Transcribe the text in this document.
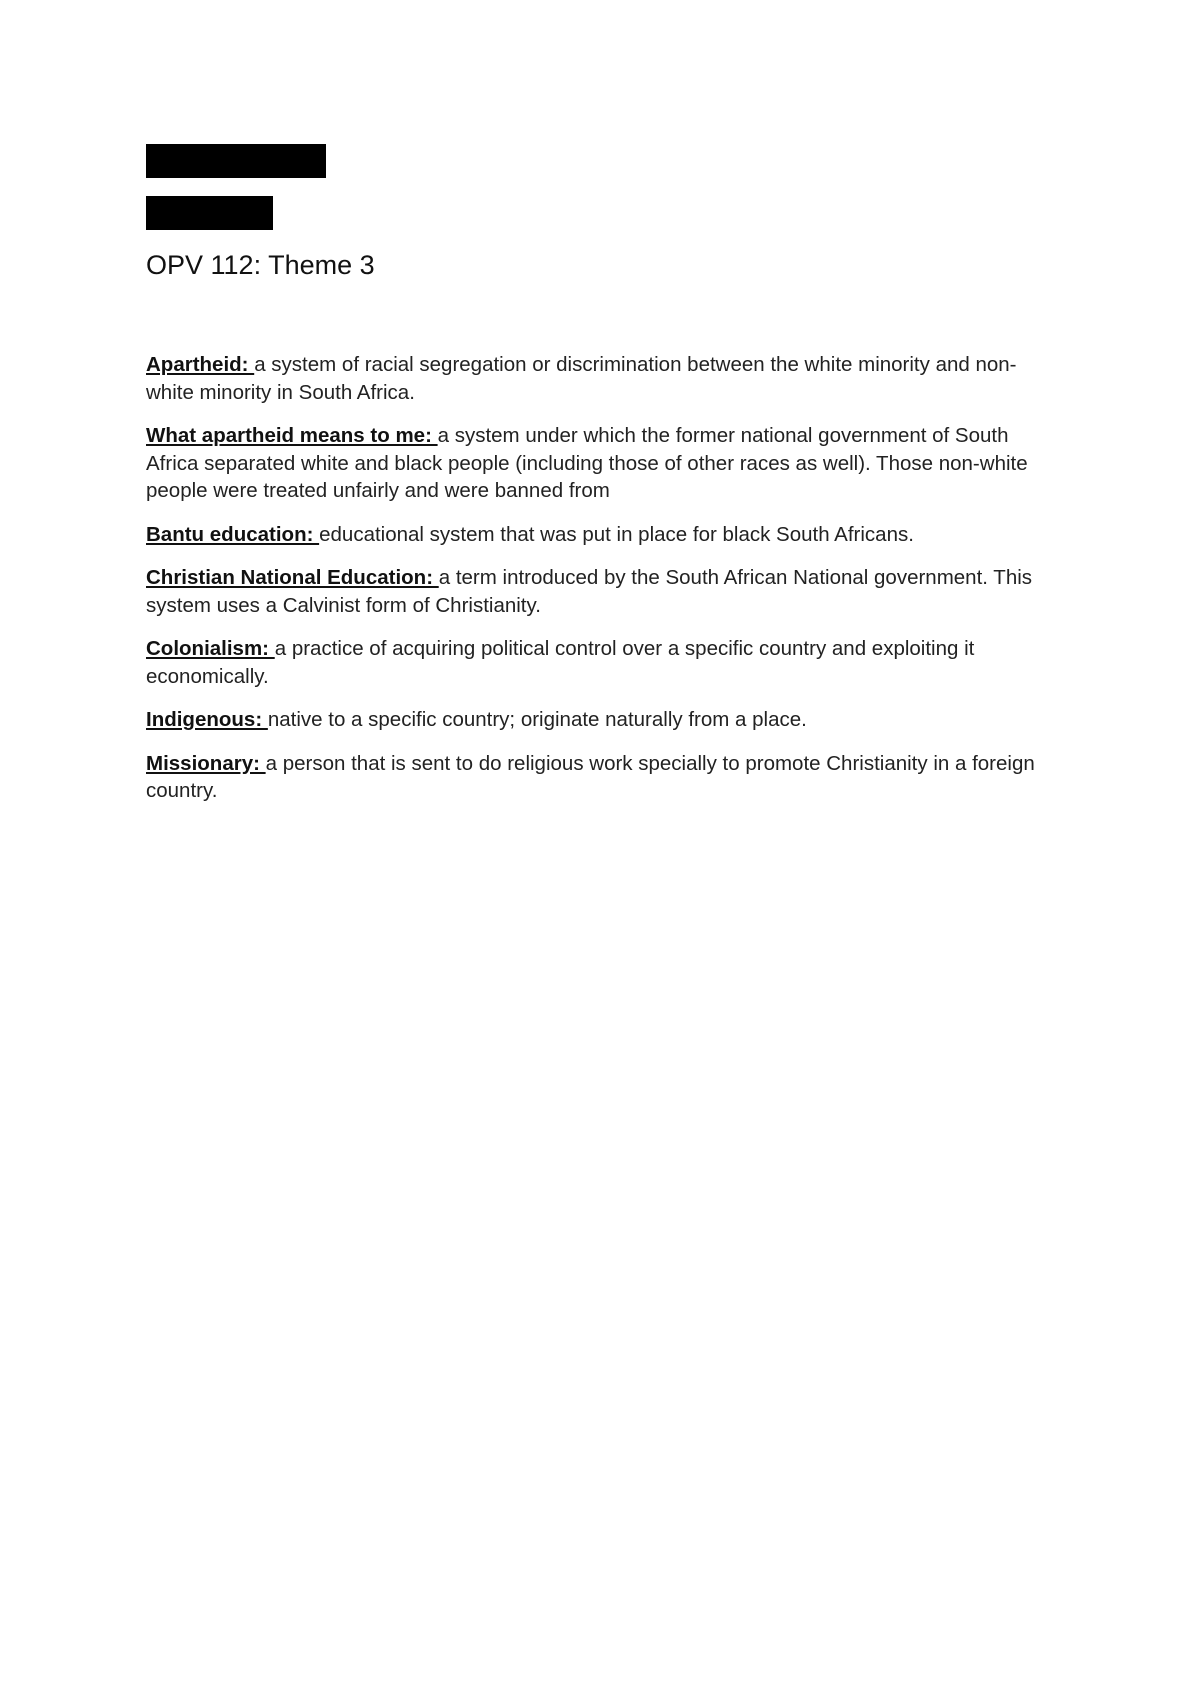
OPV 112: Theme 3

Apartheid: a system of racial segregation or discrimination between the white minority and non-white minority in South Africa.

What apartheid means to me: a system under which the former national government of South Africa separated white and black people (including those of other races as well). Those non-white people were treated unfairly and were banned from

Bantu education: educational system that was put in place for black South Africans.

Christian National Education: a term introduced by the South African National government. This system uses a Calvinist form of Christianity.

Colonialism: a practice of acquiring political control over a specific country and exploiting it economically.

Indigenous: native to a specific country; originate naturally from a place.

Missionary: a person that is sent to do religious work specially to promote Christianity in a foreign country.
